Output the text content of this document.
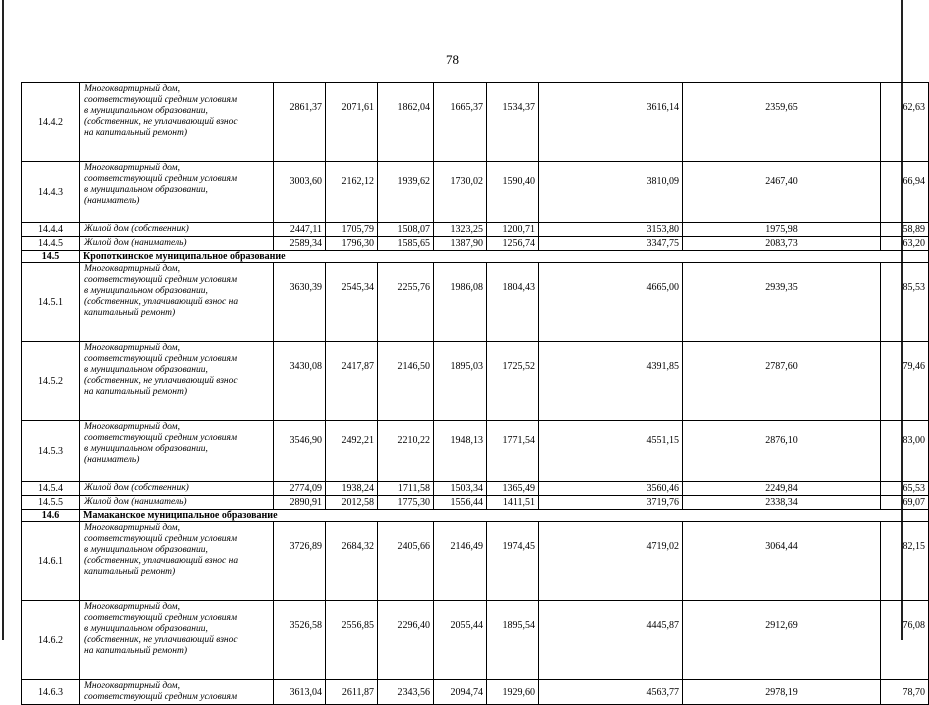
78
14.4.2	Многоквартирный дом,
соответствующий средним условиям
в муниципальном образовании,
(собственник, не уплачивающий взнос
на капитальный ремонт)	2861,37	2071,61	1862,04	1665,37	1534,37	3616,14	2359,65	62,63
14.4.3	Многоквартирный дом,
соответствующий средним условиям
в муниципальном образовании,
(наниматель)	3003,60	2162,12	1939,62	1730,02	1590,40	3810,09	2467,40	66,94
14.4.4	Жилой дом (собственник)	2447,11	1705,79	1508,07	1323,25	1200,71	3153,80	1975,98	58,89
14.4.5	Жилой дом (наниматель)	2589,34	1796,30	1585,65	1387,90	1256,74	3347,75	2083,73	63,20
14.5	Кропоткинское муниципальное образование								
14.5.1	Многоквартирный дом,
соответствующий средним условиям
в муниципальном образовании,
(собственник, уплачивающий взнос на
капитальный ремонт)	3630,39	2545,34	2255,76	1986,08	1804,43	4665,00	2939,35	85,53
14.5.2	Многоквартирный дом,
соответствующий средним условиям
в муниципальном образовании,
(собственник, не уплачивающий взнос
на капитальный ремонт)	3430,08	2417,87	2146,50	1895,03	1725,52	4391,85	2787,60	79,46
14.5.3	Многоквартирный дом,
соответствующий средним условиям
в муниципальном образовании,
(наниматель)	3546,90	2492,21	2210,22	1948,13	1771,54	4551,15	2876,10	83,00
14.5.4	Жилой дом (собственник)	2774,09	1938,24	1711,58	1503,34	1365,49	3560,46	2249,84	65,53
14.5.5	Жилой дом (наниматель)	2890,91	2012,58	1775,30	1556,44	1411,51	3719,76	2338,34	69,07
14.6	Мамаканское муниципальное образование								
14.6.1	Многоквартирный дом,
соответствующий средним условиям
в муниципальном образовании,
(собственник, уплачивающий взнос на
капитальный ремонт)	3726,89	2684,32	2405,66	2146,49	1974,45	4719,02	3064,44	82,15
14.6.2	Многоквартирный дом,
соответствующий средним условиям
в муниципальном образовании,
(собственник, не уплачивающий взнос
на капитальный ремонт)	3526,58	2556,85	2296,40	2055,44	1895,54	4445,87	2912,69	76,08
14.6.3	Многоквартирный дом,
соответствующий средним условиям	3613,04	2611,87	2343,56	2094,74	1929,60	4563,77	2978,19	78,70
